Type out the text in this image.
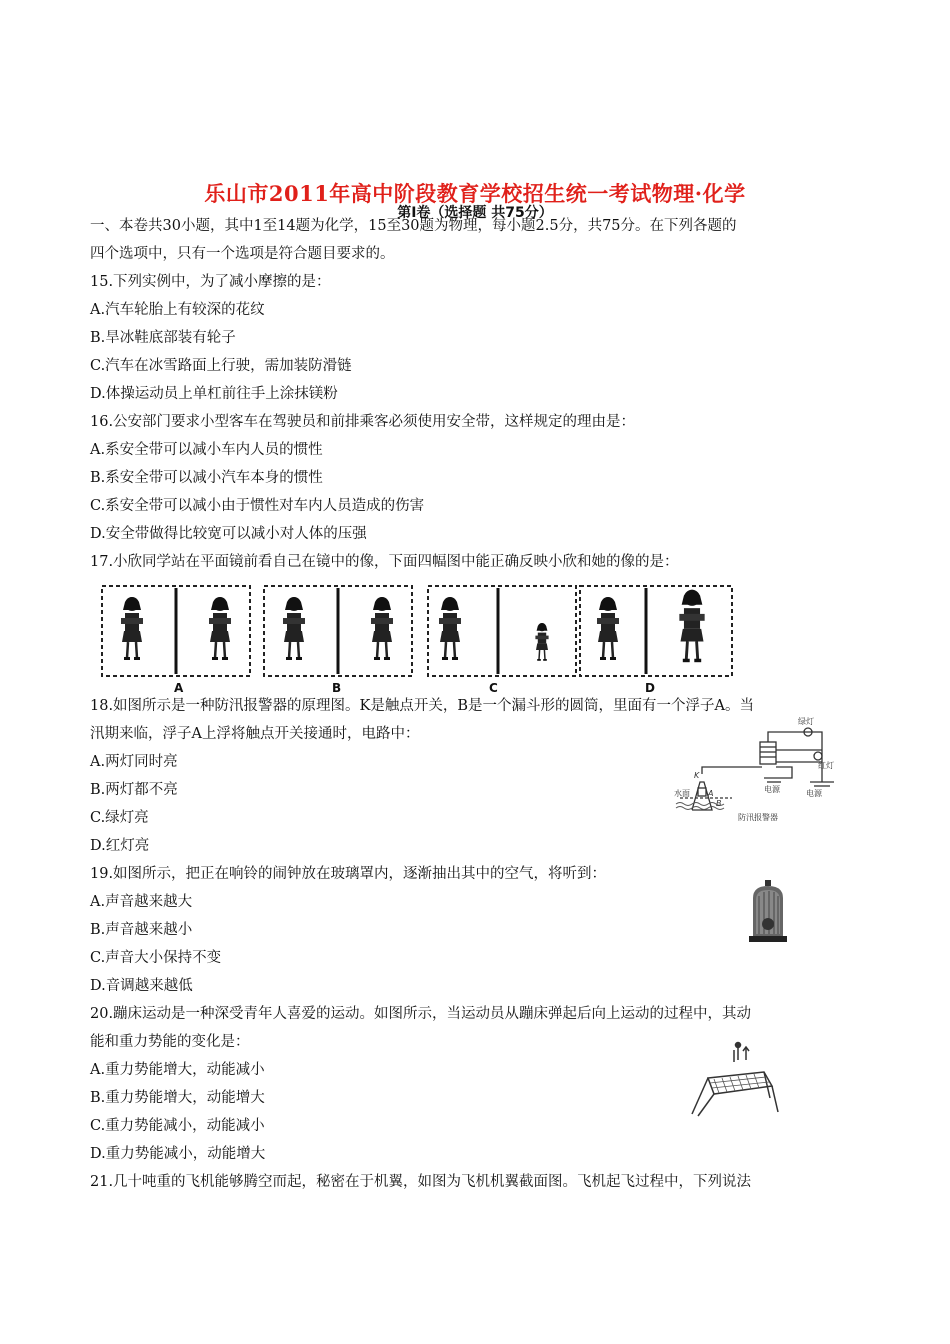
乐山市2011年高中阶段教育学校招生统一考试物理·化学
第Ⅰ卷（选择题 共75分）
一、本卷共30小题，其中1至14题为化学，15至30题为物理，每小题2.5分，共75分。在下列各题的
四个选项中，只有一个选项是符合题目要求的。
15.下列实例中，为了减小摩擦的是：
A.汽车轮胎上有较深的花纹
B.旱冰鞋底部装有轮子
C.汽车在冰雪路面上行驶，需加装防滑链
D.体操运动员上单杠前往手上涂抹镁粉
16.公安部门要求小型客车在驾驶员和前排乘客必须使用安全带，这样规定的理由是：
A.系安全带可以减小车内人员的惯性
B.系安全带可以减小汽车本身的惯性
C.系安全带可以减小由于惯性对车内人员造成的伤害
D.安全带做得比较宽可以减小对人体的压强
17.小欣同学站在平面镜前看自己在镜中的像，下面四幅图中能正确反映小欣和她的像的是：
A	B	C	D
18.如图所示是一种防汛报警器的原理图。K是触点开关，B是一个漏斗形的圆筒，里面有一个浮子A。当
汛期来临，浮子A上浮将触点开关接通时，电路中：
A.两灯同时亮
B.两灯都不亮
C.绿灯亮
D.红灯亮
绿灯
红灯
电源
电源
K
水面 A
B
防汛报警器
19.如图所示，把正在响铃的闹钟放在玻璃罩内，逐渐抽出其中的空气，将听到：
A.声音越来越大
B.声音越来越小
C.声音大小保持不变
D.音调越来越低
20.蹦床运动是一种深受青年人喜爱的运动。如图所示，当运动员从蹦床弹起后向上运动的过程中，其动
能和重力势能的变化是：
A.重力势能增大，动能减小
B.重力势能增大，动能增大
C.重力势能减小，动能减小
D.重力势能减小，动能增大
21.几十吨重的飞机能够腾空而起，秘密在于机翼，如图为飞机机翼截面图。飞机起飞过程中，下列说法
